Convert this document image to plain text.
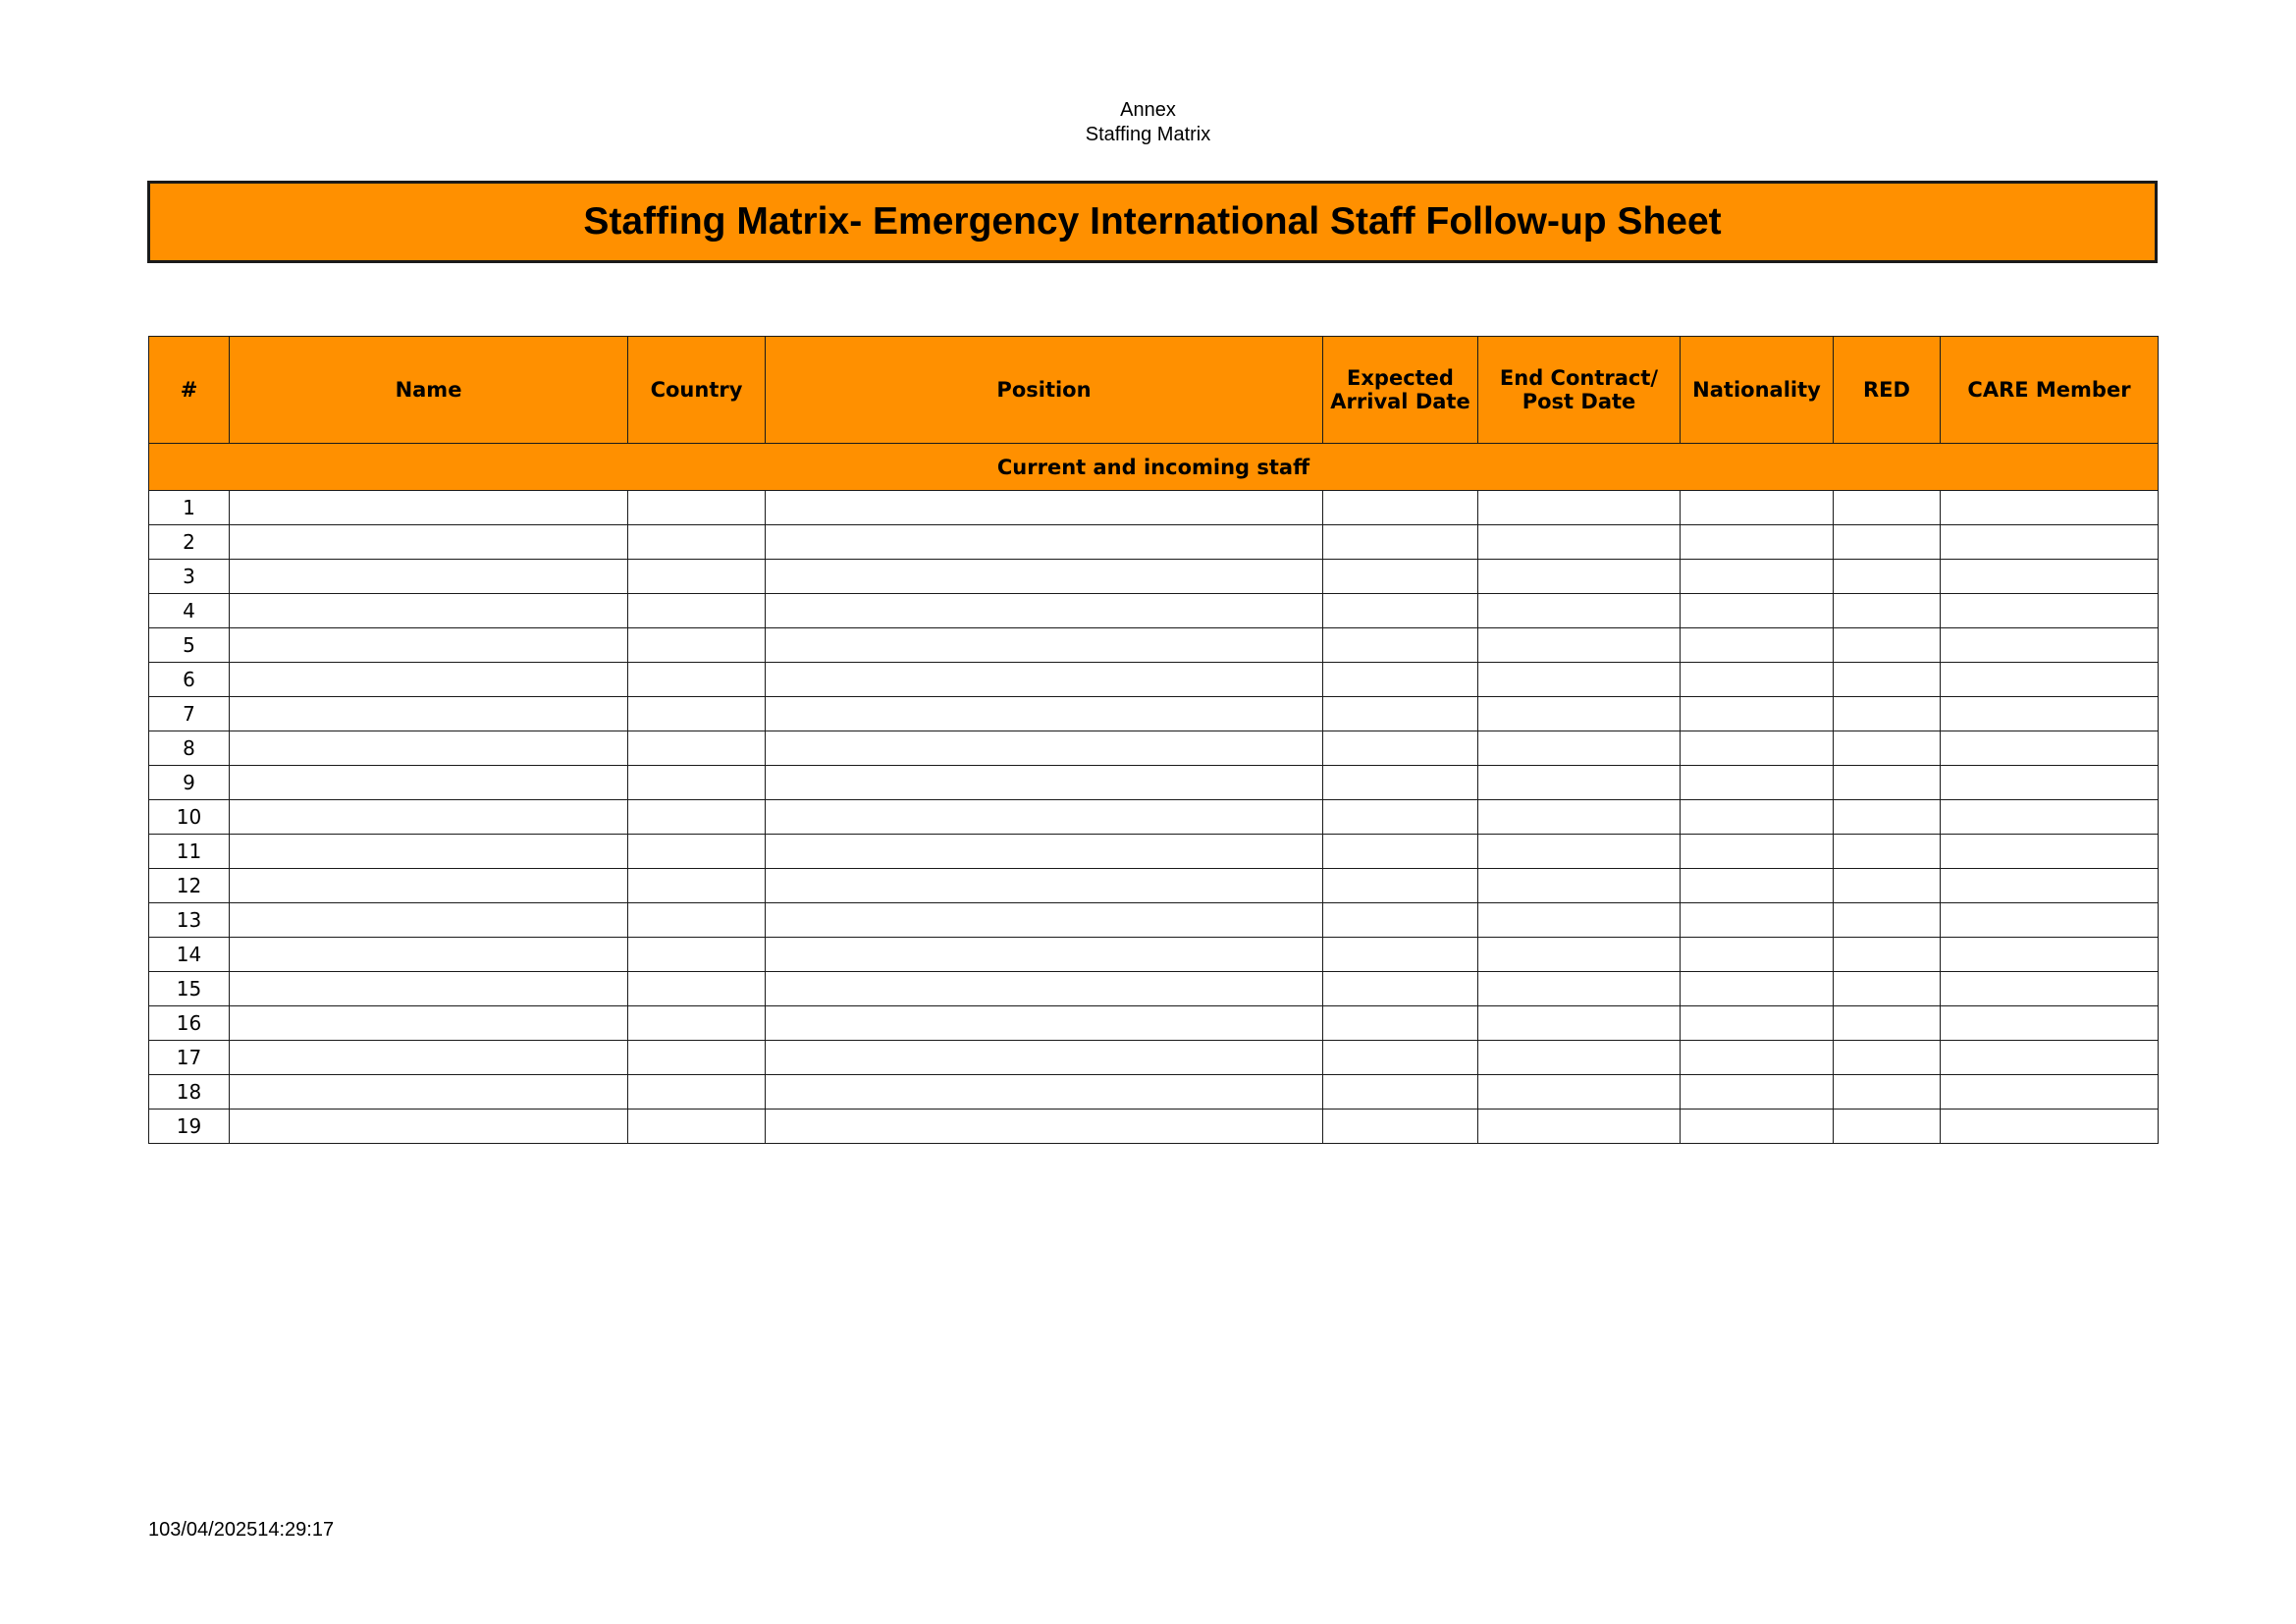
Annex
Staffing Matrix
Staffing Matrix- Emergency International Staff Follow-up Sheet
#	Name	Country	Position	Expected Arrival Date	End Contract/ Post Date	Nationality	RED	CARE Member
Current and incoming staff								
1								
2								
3								
4								
5								
6								
7								
8								
9								
10								
11								
12								
13								
14								
15								
16								
17								
18								
19								
103/04/202514:29:17
